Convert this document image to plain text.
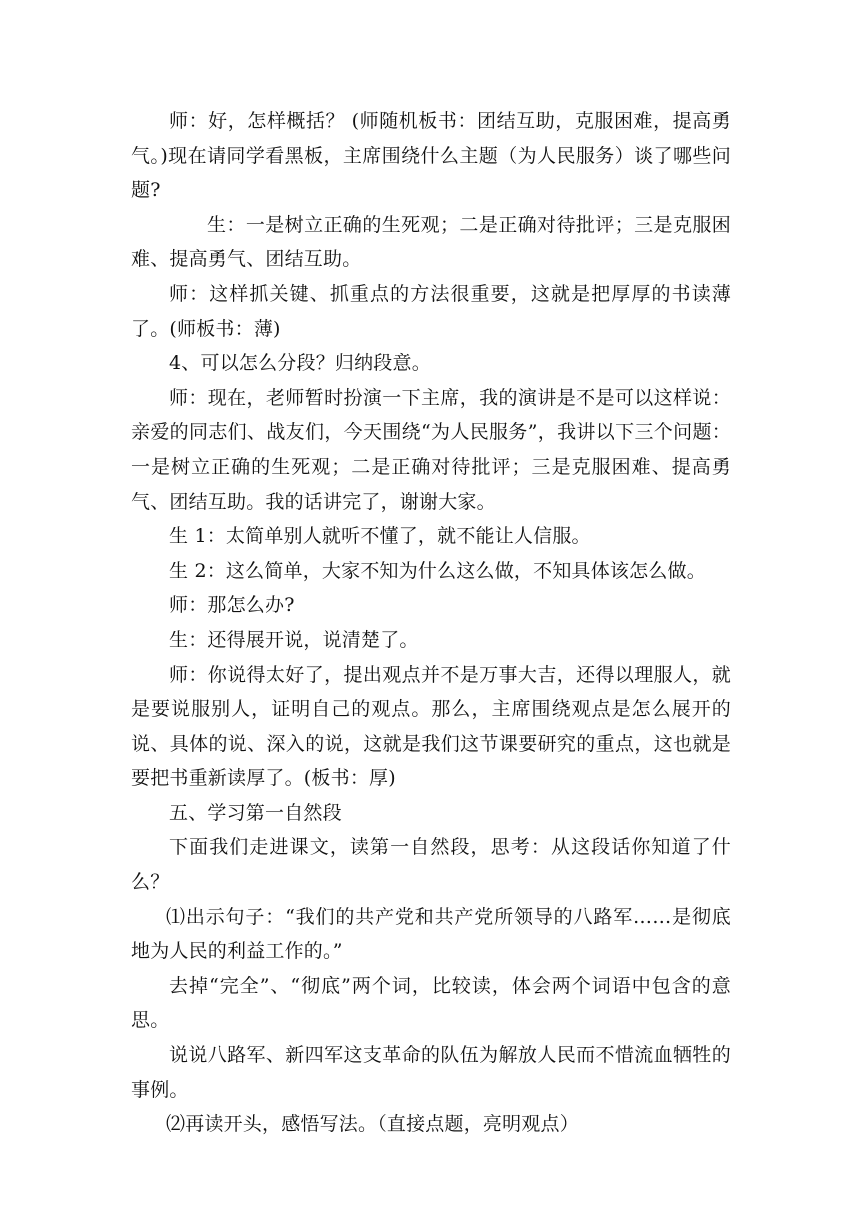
师：好，怎样概括？ (师随机板书：团结互助，克服困难，提高勇气。)现在请同学看黑板，主席围绕什么主题（为人民服务）谈了哪些问题?

生：一是树立正确的生死观；二是正确对待批评；三是克服困难、提高勇气、团结互助。

师：这样抓关键、抓重点的方法很重要，这就是把厚厚的书读薄了。(师板书：薄)

4、可以怎么分段？归纳段意。

师：现在，老师暂时扮演一下主席，我的演讲是不是可以这样说：亲爱的同志们、战友们，今天围绕“为人民服务”，我讲以下三个问题：一是树立正确的生死观；二是正确对待批评；三是克服困难、提高勇气、团结互助。我的话讲完了，谢谢大家。

生 1：太简单别人就听不懂了，就不能让人信服。

生 2：这么简单，大家不知为什么这么做，不知具体该怎么做。

师：那怎么办?

生：还得展开说，说清楚了。

师：你说得太好了，提出观点并不是万事大吉，还得以理服人，就是要说服别人，证明自己的观点。那么，主席围绕观点是怎么展开的说、具体的说、深入的说，这就是我们这节课要研究的重点，这也就是要把书重新读厚了。(板书：厚)

五、学习第一自然段

下面我们走进课文，读第一自然段，思考：从这段话你知道了什么？

⑴出示句子：“我们的共产党和共产党所领导的八路军……是彻底地为人民的利益工作的。”

去掉“完全”、“彻底”两个词，比较读，体会两个词语中包含的意思。

说说八路军、新四军这支革命的队伍为解放人民而不惜流血牺牲的事例。

⑵再读开头，感悟写法。（直接点题，亮明观点）
